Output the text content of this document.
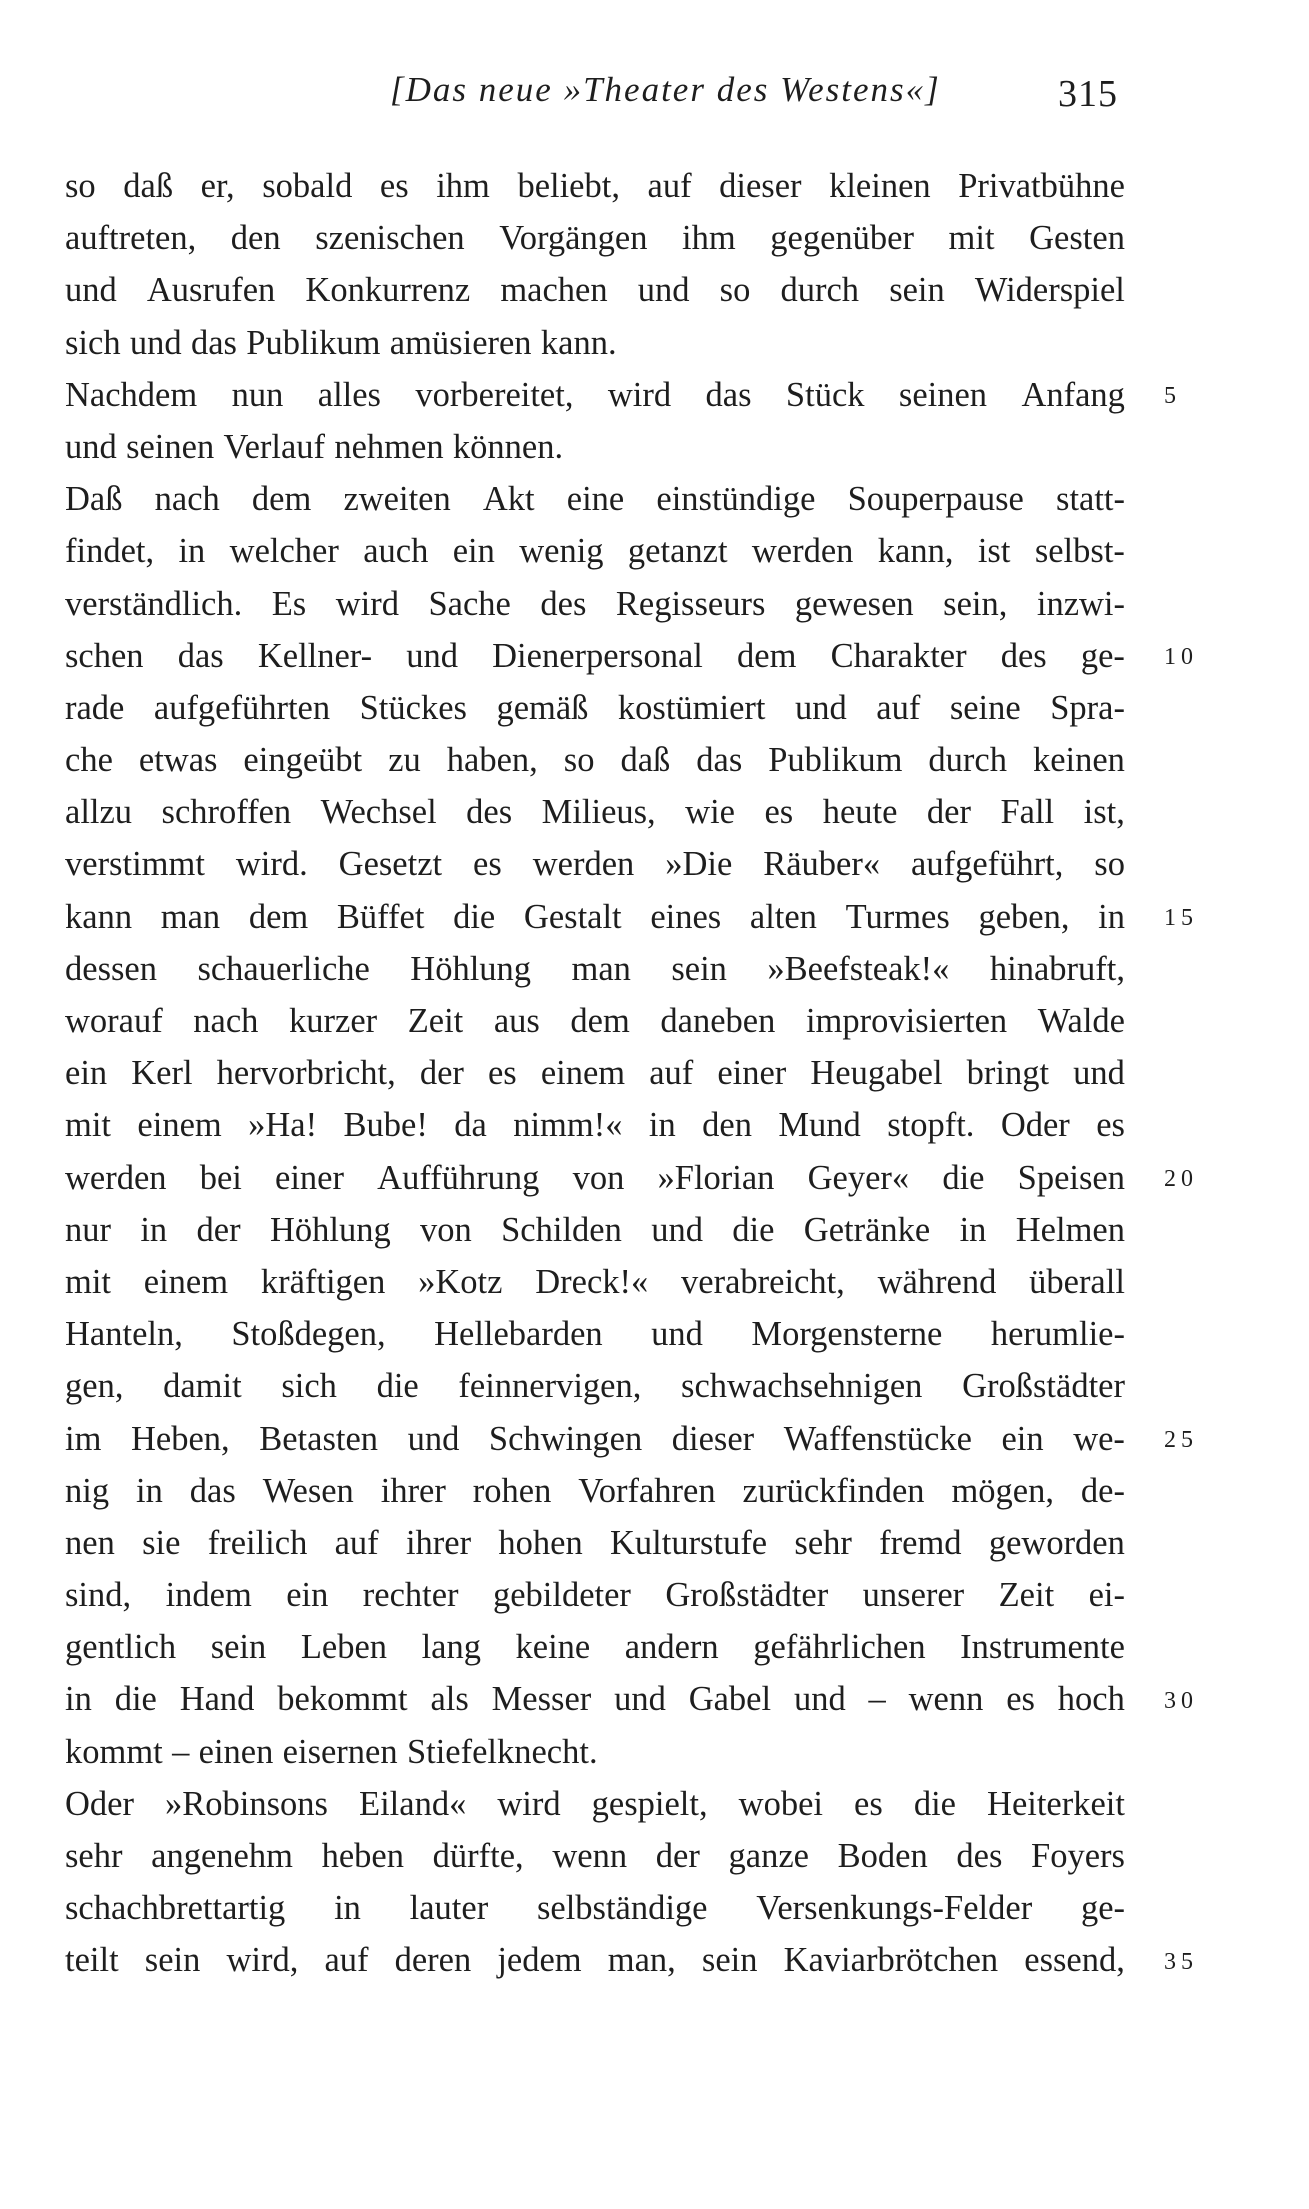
[Das neue »Theater des Westens«]	315
so daß er, sobald es ihm beliebt, auf dieser kleinen Privatbühne
auftreten, den szenischen Vorgängen ihm gegenüber mit Gesten
und Ausrufen Konkurrenz machen und so durch sein Widerspiel
sich und das Publikum amüsieren kann.
Nachdem nun alles vorbereitet, wird das Stück seinen Anfang
und seinen Verlauf nehmen können.
Daß nach dem zweiten Akt eine einstündige Souperpause statt-
findet, in welcher auch ein wenig getanzt werden kann, ist selbst-
verständlich. Es wird Sache des Regisseurs gewesen sein, inzwi-
schen das Kellner- und Dienerpersonal dem Charakter des ge-
rade aufgeführten Stückes gemäß kostümiert und auf seine Spra-
che etwas eingeübt zu haben, so daß das Publikum durch keinen
allzu schroffen Wechsel des Milieus, wie es heute der Fall ist,
verstimmt wird. Gesetzt es werden »Die Räuber« aufgeführt, so
kann man dem Büffet die Gestalt eines alten Turmes geben, in
dessen schauerliche Höhlung man sein »Beefsteak!« hinabruft,
worauf nach kurzer Zeit aus dem daneben improvisierten Walde
ein Kerl hervorbricht, der es einem auf einer Heugabel bringt und
mit einem »Ha! Bube! da nimm!« in den Mund stopft. Oder es
werden bei einer Aufführung von »Florian Geyer« die Speisen
nur in der Höhlung von Schilden und die Getränke in Helmen
mit einem kräftigen »Kotz Dreck!« verabreicht, während überall
Hanteln, Stoßdegen, Hellebarden und Morgensterne herumlie-
gen, damit sich die feinnervigen, schwachsehnigen Großstädter
im Heben, Betasten und Schwingen dieser Waffenstücke ein we-
nig in das Wesen ihrer rohen Vorfahren zurückfinden mögen, de-
nen sie freilich auf ihrer hohen Kulturstufe sehr fremd geworden
sind, indem ein rechter gebildeter Großstädter unserer Zeit ei-
gentlich sein Leben lang keine andern gefährlichen Instrumente
in die Hand bekommt als Messer und Gabel und – wenn es hoch
kommt – einen eisernen Stiefelknecht.
Oder »Robinsons Eiland« wird gespielt, wobei es die Heiterkeit
sehr angenehm heben dürfte, wenn der ganze Boden des Foyers
schachbrettartig in lauter selbständige Versenkungs-Felder ge-
teilt sein wird, auf deren jedem man, sein Kaviarbrötchen essend,
5
10
15
20
25
30
35
